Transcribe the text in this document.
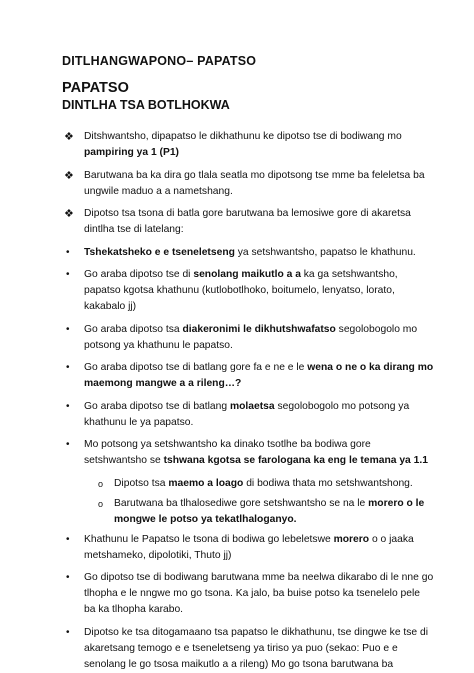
DITLHANGWAPONO– PAPATSO
PAPATSO
DINTLHA TSA BOTLHOKWA
❖ Ditshwantsho, dipapatso le dikhathunu ke dipotso tse di bodiwang mo pampiring ya 1 (P1)
❖ Barutwana ba ka dira go tlala seatla mo dipotsong tse mme ba feleletsa ba ungwile maduo a a nametshang.
❖ Dipotso tsa tsona di batla gore barutwana ba lemosiwe gore di akaretsa dintlha tse di latelang:
• Tshekatsheko e e tseneletseng ya setshwantsho, papatso le khathunu.
• Go araba dipotso tse di senolang maikutlo a a ka ga setshwantsho, papatso kgotsa khathunu (kutlobotlhoko, boitumelo, lenyatso, lorato, kakabalo jj)
• Go araba dipotso tsa diakeronimi le dikhutshwafatso segolobogolo mo potsong ya khathunu le papatso.
• Go araba dipotso tse di batlang gore fa e ne e le wena o ne o ka dirang mo maemong mangwe a a rileng…?
• Go araba dipotso tse di batlang molaetsa segolobogolo mo potsong ya khathunu le ya papatso.
• Mo potsong ya setshwantsho ka dinako tsotlhe ba bodiwa gore setshwantsho se tshwana kgotsa se farologana ka eng le temana ya 1.1
o Dipotso tsa maemo a loago di bodiwa thata mo setshwantshong.
o Barutwana ba tlhalosediwe gore setshwantsho se na le morero o le mongwe le potso ya tekatlhaloganyo.
• Khathunu le Papatso le tsona di bodiwa go lebeletswe morero o o jaaka metshameko, dipolotiki, Thuto jj)
• Go dipotso tse di bodiwang barutwana mme ba neelwa dikarabo di le nne go tlhopha e le nngwe mo go tsona. Ka jalo, ba buise potso ka tsenelelo pele ba ka tlhopha karabo.
• Dipotso ke tsa ditogamaano tsa papatso le dikhathunu, tse dingwe ke tse di akaretsang temogo e e tseneletseng ya tiriso ya puo (sekao: Puo e e senolang le go tsosa maikutlo a a rileng) Mo go tsona barutwana ba
